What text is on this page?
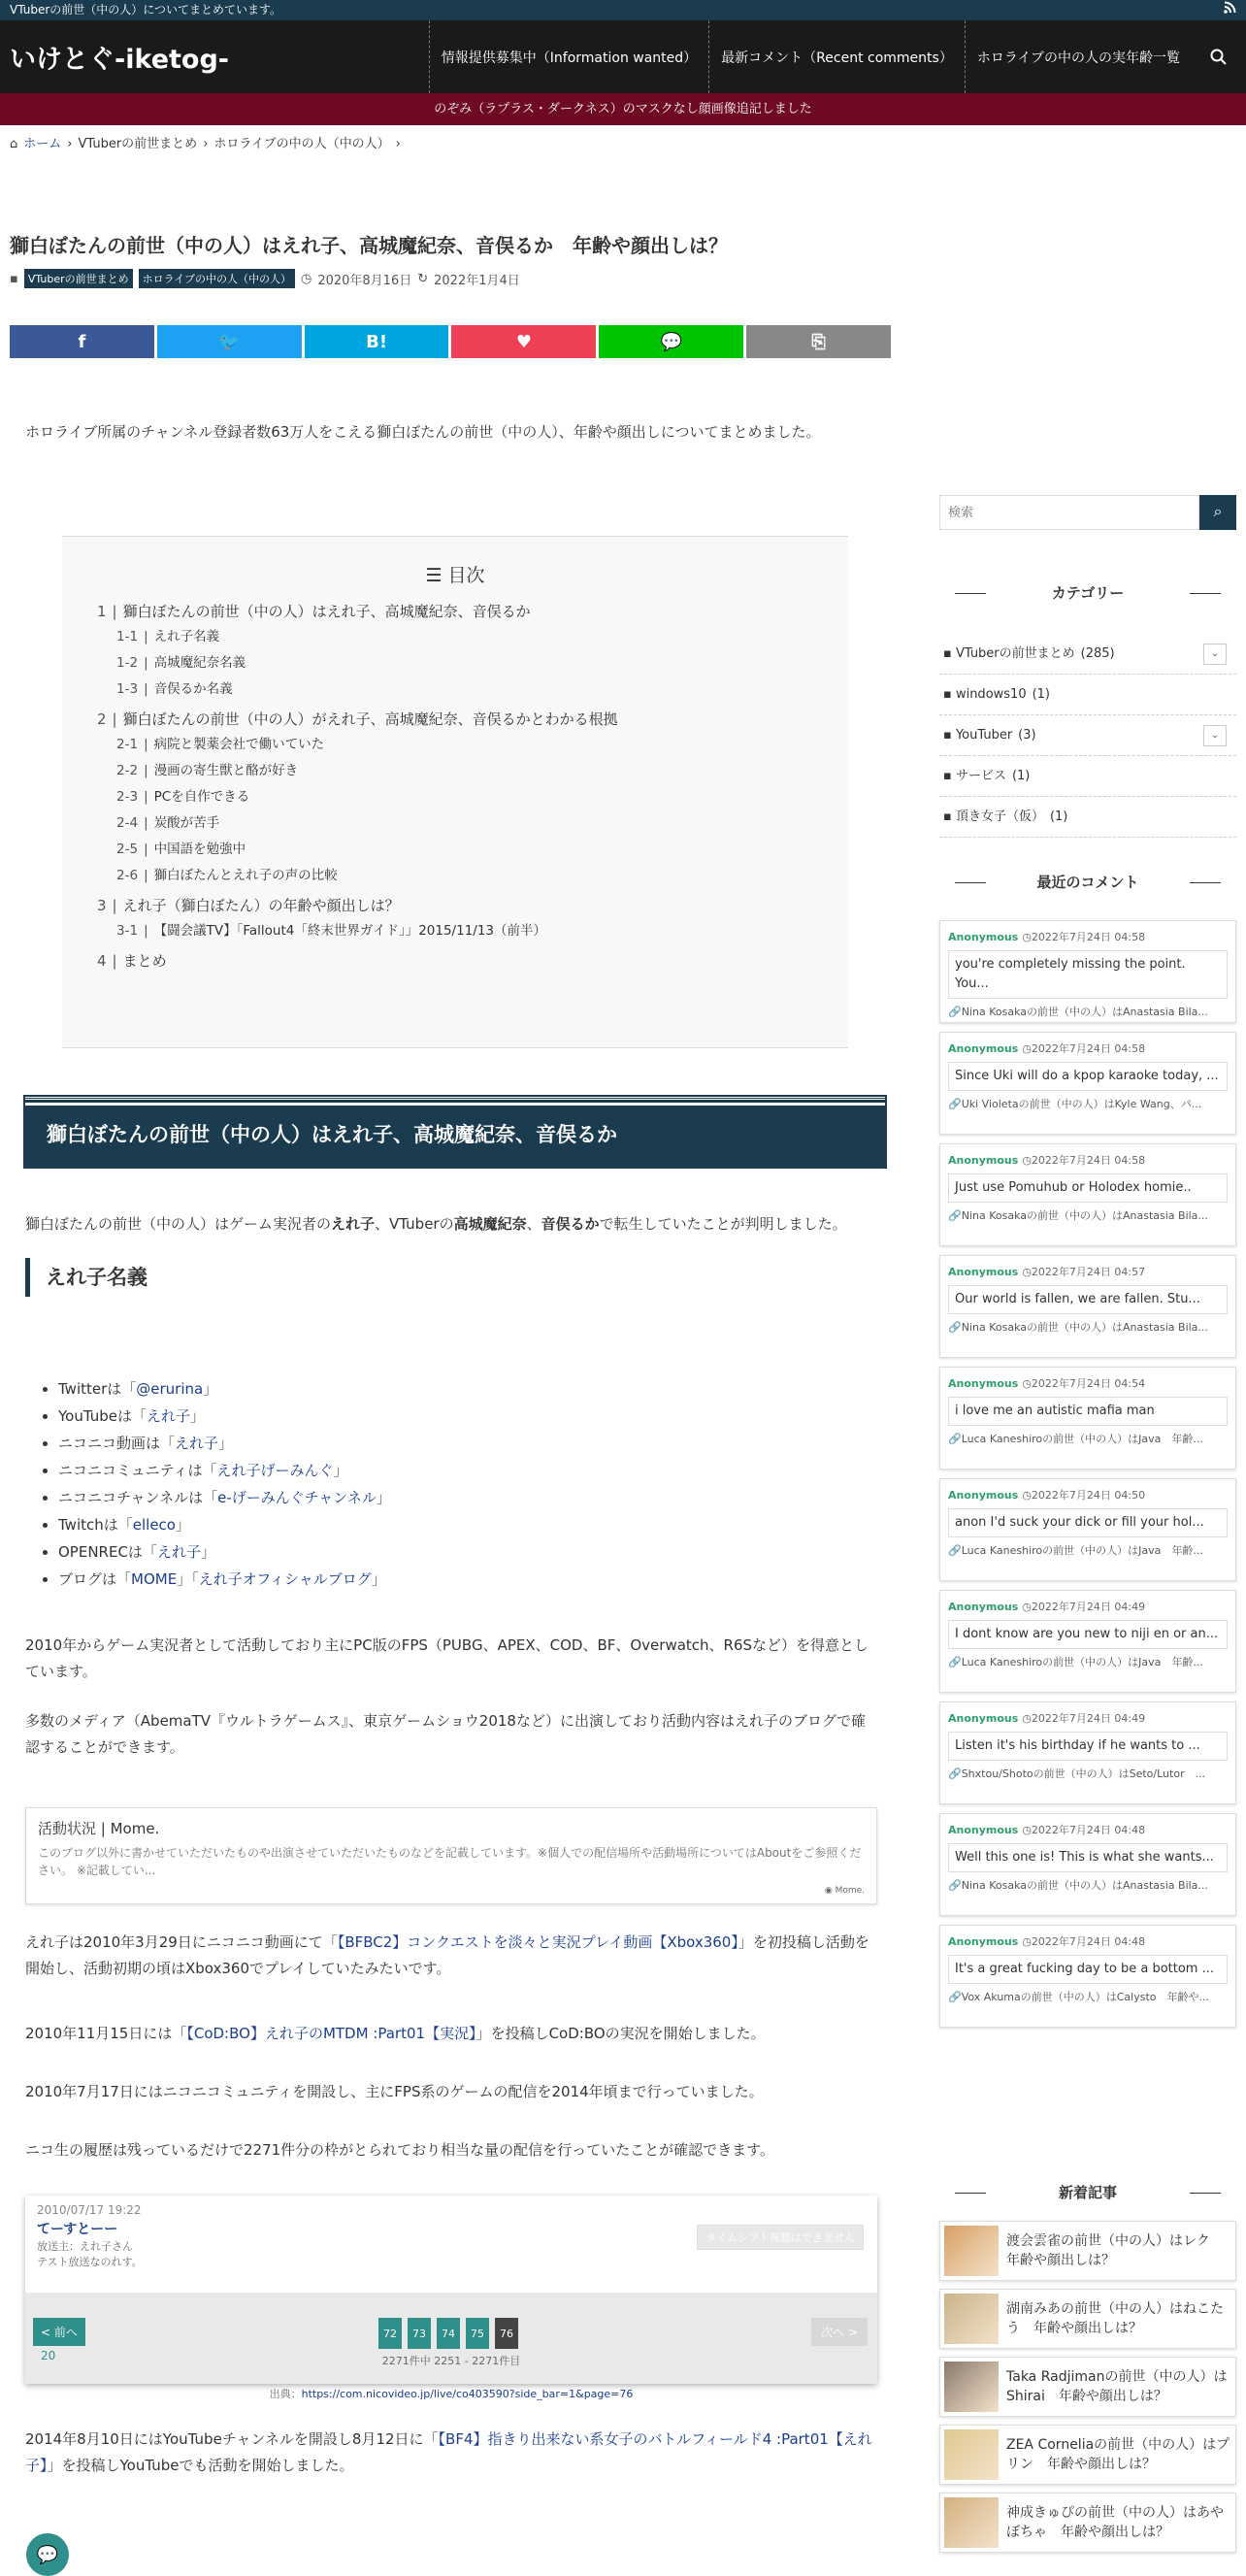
VTuberの前世（中の人）についてまとめています。
いけとぐ-iketog-	情報提供募集中（Information wanted）	最新コメント（Recent comments）	ホロライブの中の人の実年齢一覧
のぞみ（ラプラス・ダークネス）のマスクなし顔画像追記しました
⌂ ホーム › VTuberの前世まとめ › ホロライブの中の人（中の人） ›
獅白ぼたんの前世（中の人）はえれ子、高城魔紀奈、音俣るか　年齢や顔出しは？
▪ VTuberの前世まとめ	ホロライブの中の人（中の人） ◷ 2020年8月16日 ↻ 2022年1月4日
f	🐦	B!	♥	💬	⎘

ホロライブ所属のチャンネル登録者数63万人をこえる獅白ぼたんの前世（中の人）、年齢や顔出しについてまとめました。

☰ 目次
1 | 獅白ぼたんの前世（中の人）はえれ子、高城魔紀奈、音俣るか
1-1 | えれ子名義
1-2 | 高城魔紀奈名義
1-3 | 音俣るか名義
2 | 獅白ぼたんの前世（中の人）がえれ子、高城魔紀奈、音俣るかとわかる根拠
2-1 | 病院と製薬会社で働いていた
2-2 | 漫画の寄生獣と酪が好き
2-3 | PCを自作できる
2-4 | 炭酸が苦手
2-5 | 中国語を勉強中
2-6 | 獅白ぼたんとえれ子の声の比較
3 | えれ子（獅白ぼたん）の年齢や顔出しは？
3-1 | 【闘会議TV】「Fallout4「終末世界ガイド」」2015/11/13（前半）
4 | まとめ
獅白ぼたんの前世（中の人）はえれ子、高城魔紀奈、音俣るか

獅白ぼたんの前世（中の人）はゲーム実況者のえれ子、VTuberの高城魔紀奈、音俣るかで転生していたことが判明しました。

えれ子名義
• Twitterは「@erurina」
• YouTubeは「えれ子」
• ニコニコ動画は「えれ子」
• ニコニコミュニティは「えれ子げーみんぐ」
• ニコニコチャンネルは「e-げーみんぐチャンネル」
• Twitchは「elleco」
• OPENRECは「えれ子」
• ブログは「MOME」「えれ子オフィシャルブログ」

2010年からゲーム実況者として活動しており主にPC版のFPS（PUBG、APEX、COD、BF、Overwatch、R6Sなど）を得意としています。

多数のメディア（AbemaTV『ウルトラゲームス』、東京ゲームショウ2018など）に出演しており活動内容はえれ子のブログで確認することができます。

活動状況 | Mome.
このブログ以外に書かせていただいたものや出演させていただいたものなどを記載しています。※個人での配信場所や活動場所についてはAboutをご参照ください。 ※記載してい...
◉ Mome.

えれ子は2010年3月29日にニコニコ動画にて「【BFBC2】コンクエストを淡々と実況プレイ動画【Xbox360】」を初投稿し活動を開始し、活動初期の頃はXbox360でプレイしていたみたいです。

2010年11月15日には「【CoD:BO】えれ子のMTDM :Part01【実況】」を投稿しCoD:BOの実況を開始しました。

2010年7月17日にはニコニコミュニティを開設し、主にFPS系のゲームの配信を2014年頃まで行っていました。

ニコ生の履歴は残っているだけで2271件分の枠がとられており相当な量の配信を行っていたことが確認できます。

2010/07/17 19:22
てーすとーー
放送主：えれ子さん
テスト放送なのれす。
タイムシフト視聴はできません
< 前へ
20
72	73	74	75	76
2271件中 2251 - 2271件目
次へ >
出典：https://com.nicovideo.jp/live/co403590?side_bar=1&page=76

2014年8月10日にはYouTubeチャンネルを開設し8月12日に「【BF4】指きり出来ない系女子のバトルフィールド4 :Part01【えれ子】」を投稿しYouTubeでも活動を開始しました。

💬
検索
⌕
カテゴリー
▪ VTuberの前世まとめ (285)	⌄
▪ windows10 (1)
▪ YouTuber (3)	⌄
▪ サービス (1)
▪ 頂き女子（仮） (1)
最近のコメント
Anonymous ◷2022年7月24日 04:58
you're completely missing the point. You...
🔗Nina Kosakaの前世（中の人）はAnastasia Bila...
Anonymous ◷2022年7月24日 04:58
Since Uki will do a kpop karaoke today, ...
🔗Uki Violetaの前世（中の人）はKyle Wang、パ...
Anonymous ◷2022年7月24日 04:58
Just use Pomuhub or Holodex homie..
🔗Nina Kosakaの前世（中の人）はAnastasia Bila...
Anonymous ◷2022年7月24日 04:57
Our world is fallen, we are fallen. Stu...
🔗Nina Kosakaの前世（中の人）はAnastasia Bila...
Anonymous ◷2022年7月24日 04:54
i love me an autistic mafia man
🔗Luca Kaneshiroの前世（中の人）はJava　年齢...
Anonymous ◷2022年7月24日 04:50
anon I'd suck your dick or fill your hol...
🔗Luca Kaneshiroの前世（中の人）はJava　年齢...
Anonymous ◷2022年7月24日 04:49
I dont know are you new to niji en or an...
🔗Luca Kaneshiroの前世（中の人）はJava　年齢...
Anonymous ◷2022年7月24日 04:49
Listen it's his birthday if he wants to ...
🔗Shxtou/Shotoの前世（中の人）はSeto/Lutor　...
Anonymous ◷2022年7月24日 04:48
Well this one is! This is what she wants...
🔗Nina Kosakaの前世（中の人）はAnastasia Bila...
Anonymous ◷2022年7月24日 04:48
It's a great fucking day to be a bottom ...
🔗Vox Akumaの前世（中の人）はCalysto　年齢や...
新着記事
渡会雲雀の前世（中の人）はレク　年齢や顔出しは？
湖南みあの前世（中の人）はねこたう　年齢や顔出しは？
Taka Radjimanの前世（中の人）はShirai　年齢や顔出しは？
ZEA Corneliaの前世（中の人）はプリン　年齢や顔出しは？
神成きゅぴの前世（中の人）はあやぼちゃ　年齢や顔出しは？
